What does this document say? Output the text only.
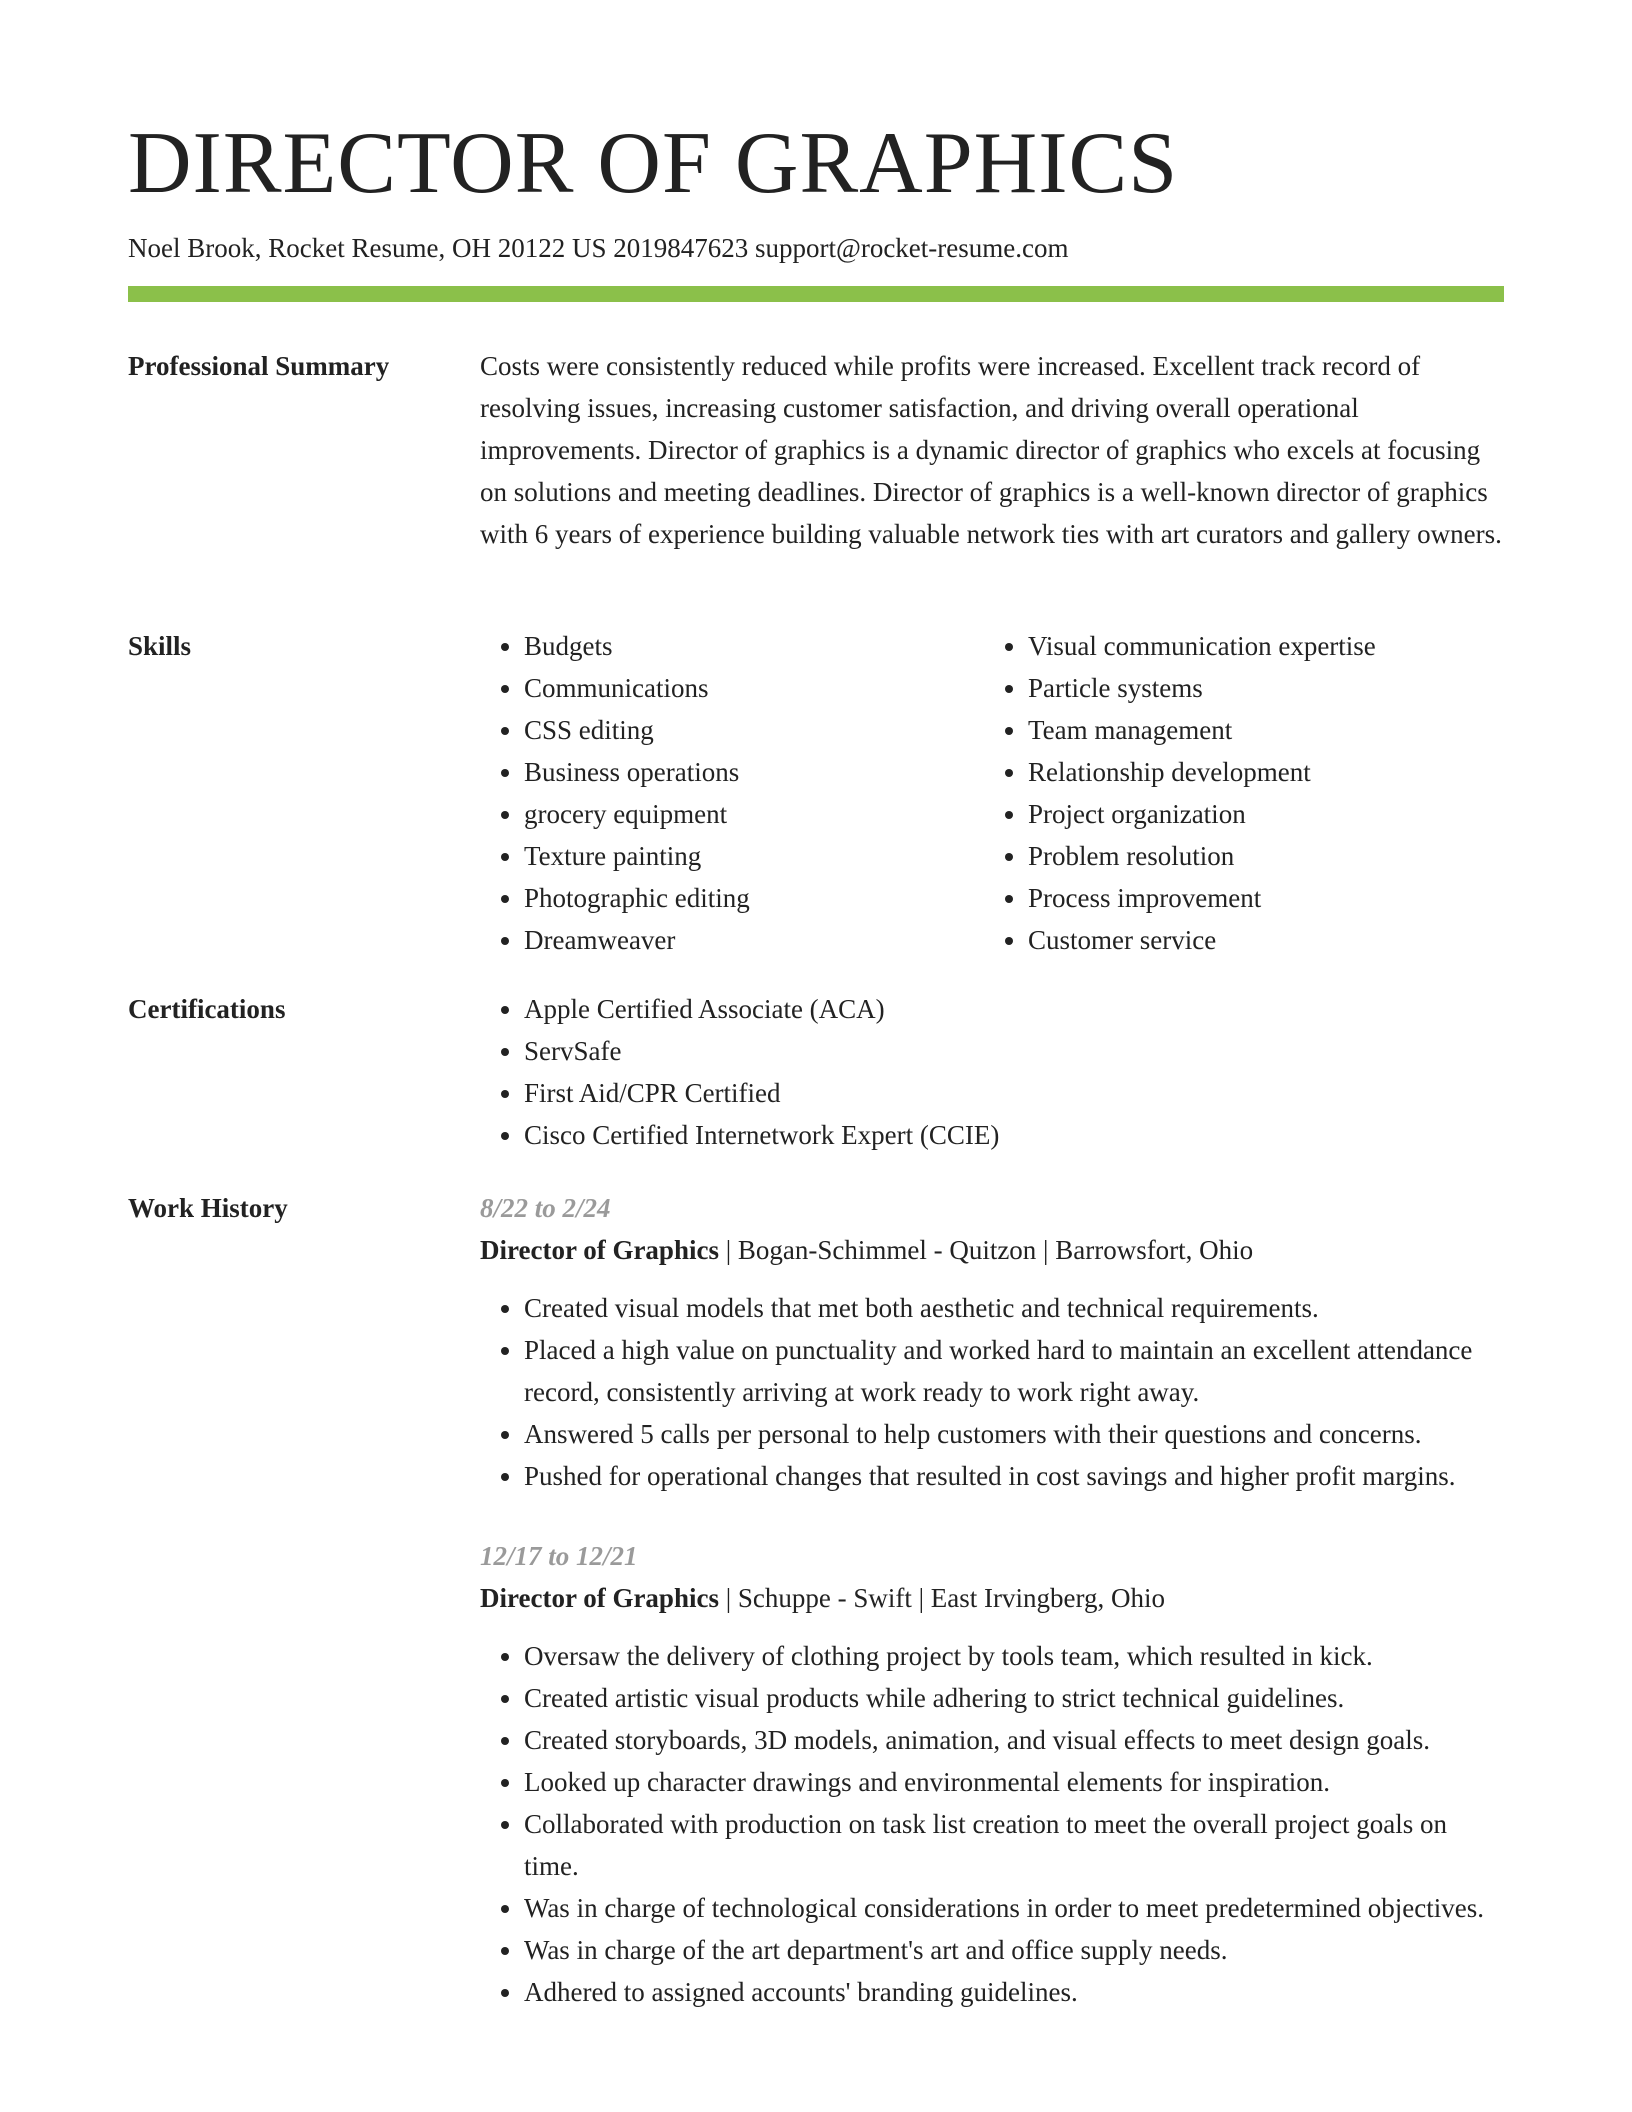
DIRECTOR OF GRAPHICS
Noel Brook, Rocket Resume, OH 20122 US 2019847623 support@rocket-resume.com
Professional Summary	Costs were consistently reduced while profits were increased. Excellent track record of resolving issues, increasing customer satisfaction, and driving overall operational improvements. Director of graphics is a dynamic director of graphics who excels at focusing on solutions and meeting deadlines. Director of graphics is a well-known director of graphics with 6 years of experience building valuable network ties with art curators and gallery owners.

Skills	• Budgets
• Communications
• CSS editing
• Business operations
• grocery equipment
• Texture painting
• Photographic editing
• Dreamweaver
• Visual communication expertise
• Particle systems
• Team management
• Relationship development
• Project organization
• Problem resolution
• Process improvement
• Customer service
Certifications	• Apple Certified Associate (ACA)
• ServSafe
• First Aid/CPR Certified
• Cisco Certified Internetwork Expert (CCIE)
Work History	8/22 to 2/24
Director of Graphics | Bogan-Schimmel - Quitzon | Barrowsfort, Ohio
• Created visual models that met both aesthetic and technical requirements.
• Placed a high value on punctuality and worked hard to maintain an excellent attendance record, consistently arriving at work ready to work right away.
• Answered 5 calls per personal to help customers with their questions and concerns.
• Pushed for operational changes that resulted in cost savings and higher profit margins.
12/17 to 12/21
Director of Graphics | Schuppe - Swift | East Irvingberg, Ohio
• Oversaw the delivery of clothing project by tools team, which resulted in kick.
• Created artistic visual products while adhering to strict technical guidelines.
• Created storyboards, 3D models, animation, and visual effects to meet design goals.
• Looked up character drawings and environmental elements for inspiration.
• Collaborated with production on task list creation to meet the overall project goals on time.
• Was in charge of technological considerations in order to meet predetermined objectives.
• Was in charge of the art department's art and office supply needs.
• Adhered to assigned accounts' branding guidelines.
